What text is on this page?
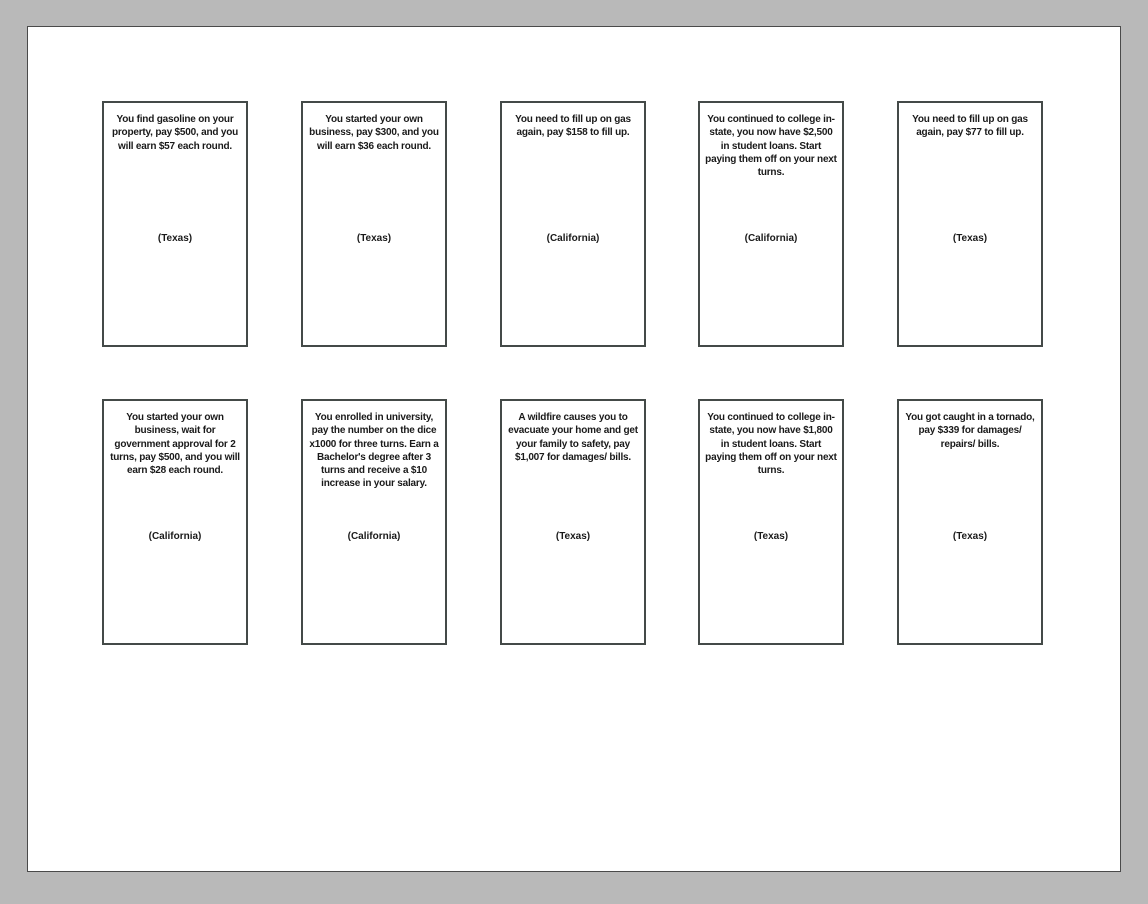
You find gasoline on your property, pay $500, and you will earn $57 each round.
(Texas)
You started your own business, pay $300, and you will earn $36 each round.
(Texas)
You need to fill up on gas again, pay $158 to fill up.
(California)
You continued to college in-state, you now have $2,500 in student loans. Start paying them off on your next turns.
(California)
You need to fill up on gas again, pay $77 to fill up.
(Texas)
You started your own business, wait for government approval for 2 turns, pay $500, and you will earn $28 each round.
(California)
You enrolled in university, pay the number on the dice x1000 for three turns. Earn a Bachelor's degree after 3 turns and receive a $10 increase in your salary.
(California)
A wildfire causes you to evacuate your home and get your family to safety, pay $1,007 for damages/ bills.
(Texas)
You continued to college in-state, you now have $1,800 in student loans. Start paying them off on your next turns.
(Texas)
You got caught in a tornado, pay $339 for damages/ repairs/ bills.
(Texas)
